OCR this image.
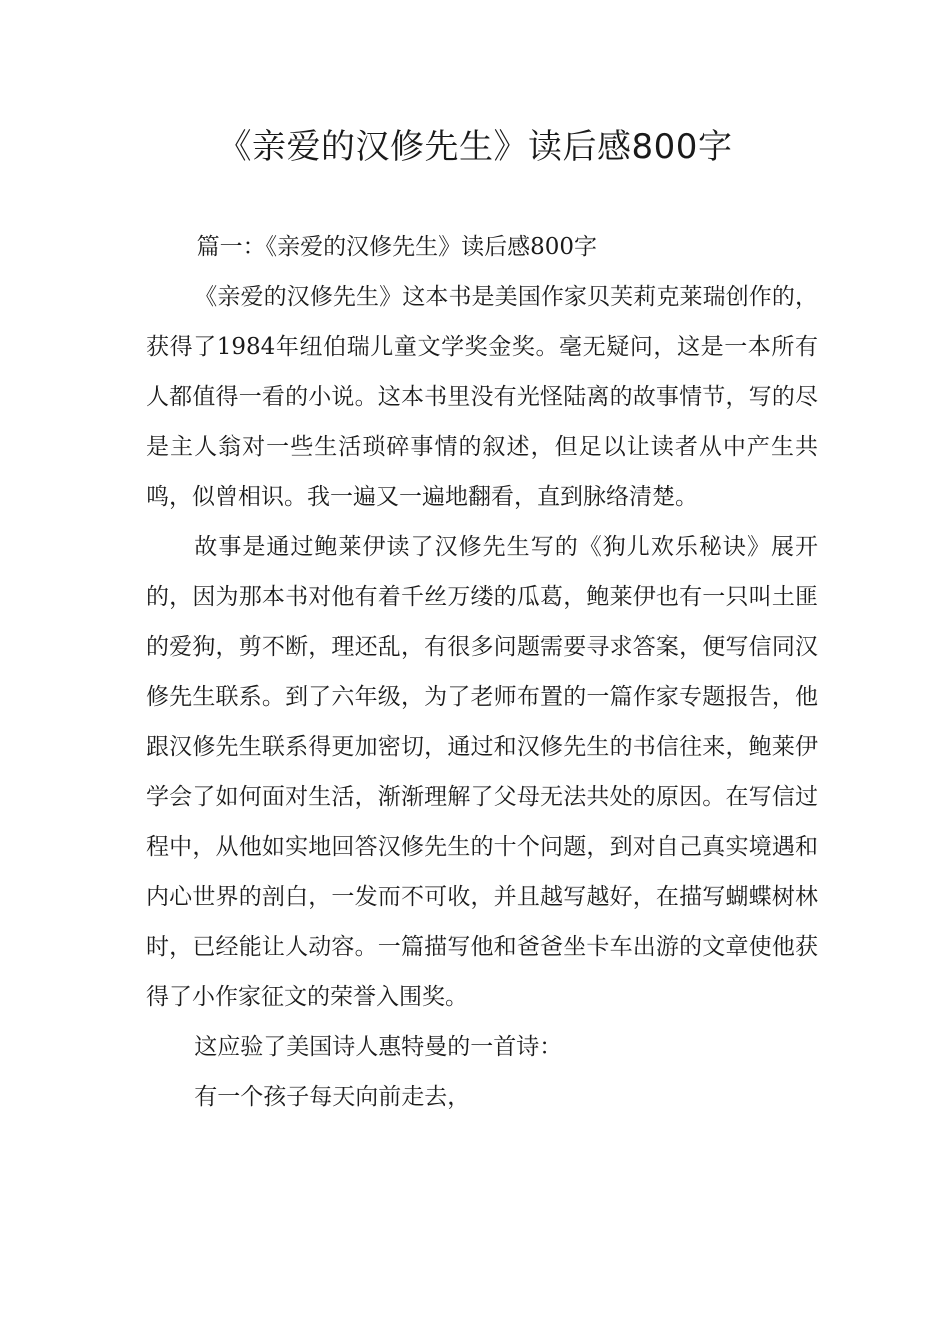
《亲爱的汉修先生》读后感800字

篇一：《亲爱的汉修先生》读后感800字

《亲爱的汉修先生》这本书是美国作家贝芙莉克莱瑞创作的，获得了1984年纽伯瑞儿童文学奖金奖。毫无疑问，这是一本所有人都值得一看的小说。这本书里没有光怪陆离的故事情节，写的尽是主人翁对一些生活琐碎事情的叙述，但足以让读者从中产生共鸣，似曾相识。我一遍又一遍地翻看，直到脉络清楚。

故事是通过鲍莱伊读了汉修先生写的《狗儿欢乐秘诀》展开的，因为那本书对他有着千丝万缕的瓜葛，鲍莱伊也有一只叫土匪的爱狗，剪不断，理还乱，有很多问题需要寻求答案，便写信同汉修先生联系。到了六年级，为了老师布置的一篇作家专题报告，他跟汉修先生联系得更加密切，通过和汉修先生的书信往来，鲍莱伊学会了如何面对生活，渐渐理解了父母无法共处的原因。在写信过程中，从他如实地回答汉修先生的十个问题，到对自己真实境遇和内心世界的剖白，一发而不可收，并且越写越好，在描写蝴蝶树林时，已经能让人动容。一篇描写他和爸爸坐卡车出游的文章使他获得了小作家征文的荣誉入围奖。

这应验了美国诗人惠特曼的一首诗：

有一个孩子每天向前走去，
